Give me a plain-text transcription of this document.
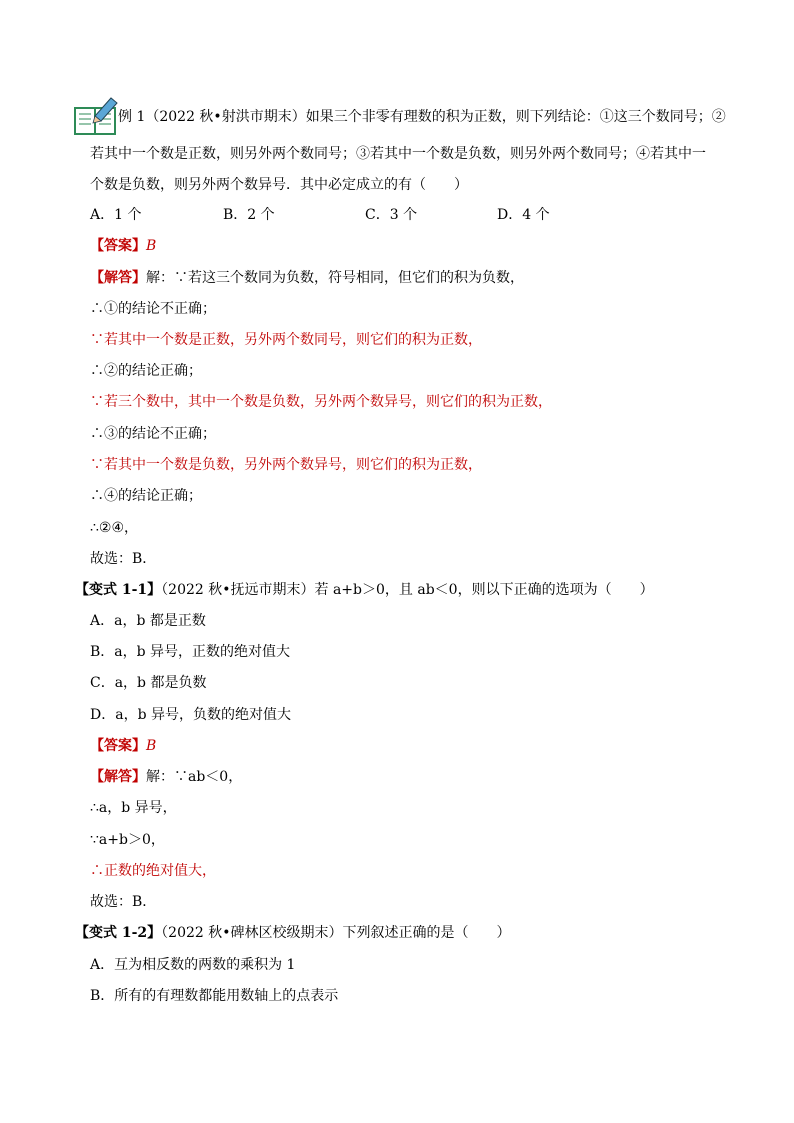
例 1（2022 秋•射洪市期末）如果三个非零有理数的积为正数，则下列结论：①这三个数同号；②
若其中一个数是正数，则另外两个数同号；③若其中一个数是负数，则另外两个数同号；④若其中一
个数是负数，则另外两个数异号．其中必定成立的有（　　）
A．1 个	B．2 个	C．3 个	D．4 个
【答案】B
【解答】解：∵若这三个数同为负数，符号相同，但它们的积为负数，
∴①的结论不正确；
∵若其中一个数是正数，另外两个数同号，则它们的积为正数，
∴②的结论正确；
∵若三个数中，其中一个数是负数，另外两个数异号，则它们的积为正数，
∴③的结论不正确；
∵若其中一个数是负数，另外两个数异号，则它们的积为正数，
∴④的结论正确；
∴②④，
故选：B．
【变式 1-1】（2022 秋•抚远市期末）若 a+b＞0，且 ab＜0，则以下正确的选项为（　　）
A．a，b 都是正数
B．a，b 异号，正数的绝对值大
C．a，b 都是负数
D．a，b 异号，负数的绝对值大
【答案】B
【解答】解：∵ab＜0，
∴a，b 异号，
∵a+b＞0，
∴正数的绝对值大，
故选：B．
【变式 1-2】（2022 秋•碑林区校级期末）下列叙述正确的是（　　）
A．互为相反数的两数的乘积为 1
B．所有的有理数都能用数轴上的点表示
